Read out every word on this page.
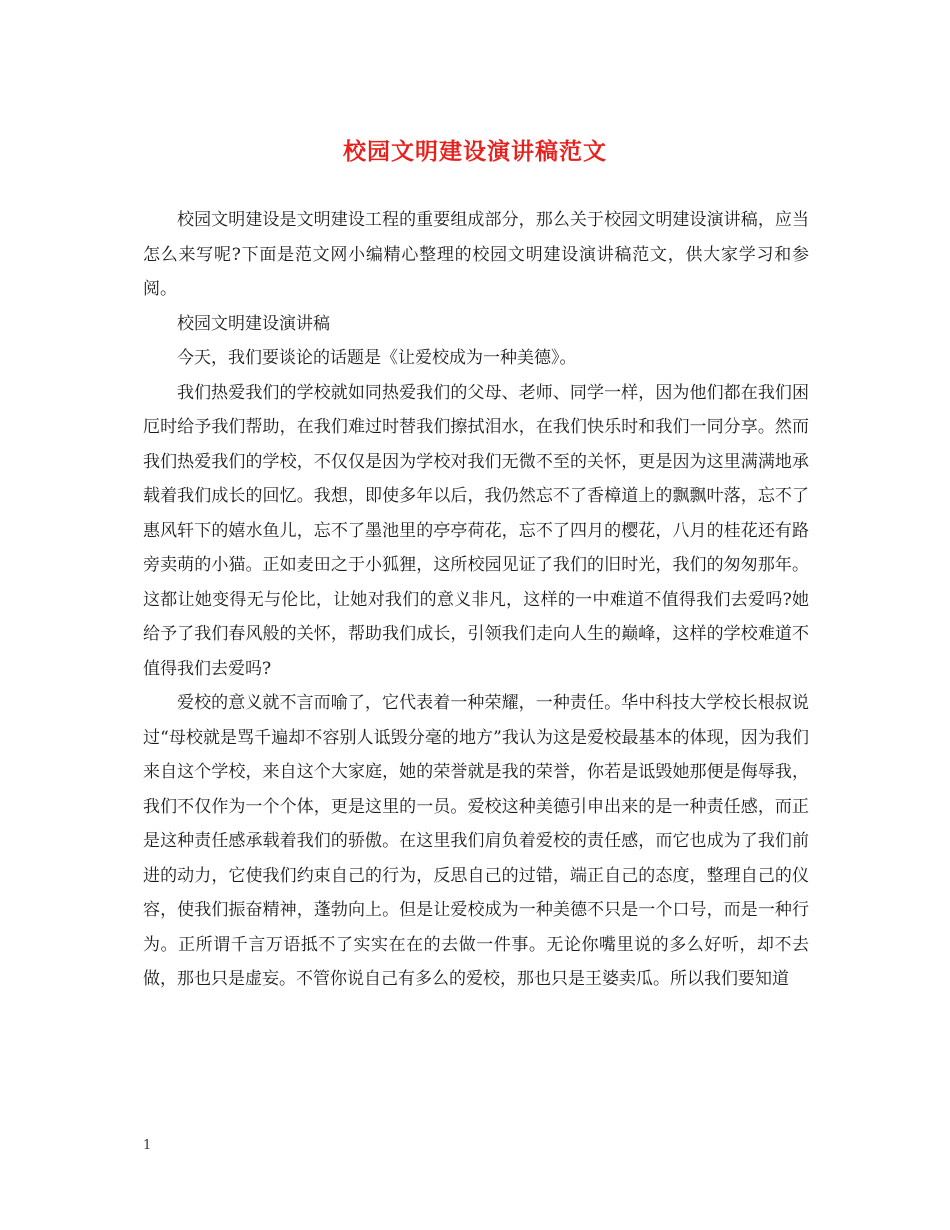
校园文明建设演讲稿范文

校园文明建设是文明建设工程的重要组成部分，那么关于校园文明建设演讲稿，应当怎么来写呢?下面是范文网小编精心整理的校园文明建设演讲稿范文，供大家学习和参阅。

校园文明建设演讲稿

今天，我们要谈论的话题是《让爱校成为一种美德》。

我们热爱我们的学校就如同热爱我们的父母、老师、同学一样，因为他们都在我们困厄时给予我们帮助，在我们难过时替我们擦拭泪水，在我们快乐时和我们一同分享。然而我们热爱我们的学校，不仅仅是因为学校对我们无微不至的关怀，更是因为这里满满地承载着我们成长的回忆。我想，即使多年以后，我仍然忘不了香樟道上的飘飘叶落，忘不了惠风轩下的嬉水鱼儿，忘不了墨池里的亭亭荷花，忘不了四月的樱花，八月的桂花还有路旁卖萌的小猫。正如麦田之于小狐狸，这所校园见证了我们的旧时光，我们的匆匆那年。这都让她变得无与伦比，让她对我们的意义非凡，这样的一中难道不值得我们去爱吗?她给予了我们春风般的关怀，帮助我们成长，引领我们走向人生的巅峰，这样的学校难道不值得我们去爱吗?

爱校的意义就不言而喻了，它代表着一种荣耀，一种责任。华中科技大学校长根叔说过“母校就是骂千遍却不容别人诋毁分毫的地方”我认为这是爱校最基本的体现，因为我们来自这个学校，来自这个大家庭，她的荣誉就是我的荣誉，你若是诋毁她那便是侮辱我，我们不仅作为一个个体，更是这里的一员。爱校这种美德引申出来的是一种责任感，而正是这种责任感承载着我们的骄傲。在这里我们肩负着爱校的责任感，而它也成为了我们前进的动力，它使我们约束自己的行为，反思自己的过错，端正自己的态度，整理自己的仪容，使我们振奋精神，蓬勃向上。但是让爱校成为一种美德不只是一个口号，而是一种行为。正所谓千言万语抵不了实实在在的去做一件事。无论你嘴里说的多么好听，却不去做，那也只是虚妄。不管你说自己有多么的爱校，那也只是王婆卖瓜。所以我们要知道

1
